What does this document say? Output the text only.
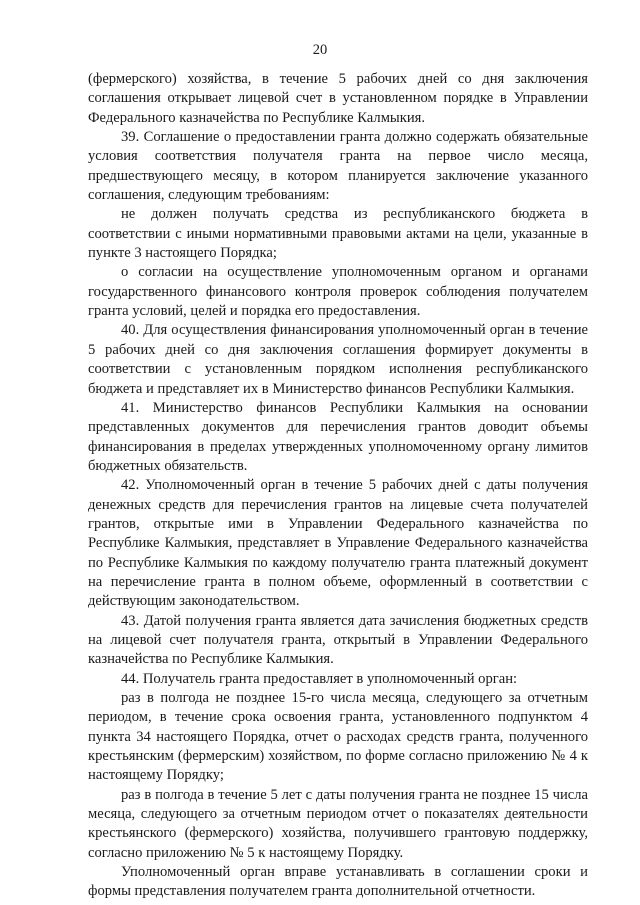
20

(фермерского) хозяйства, в течение 5 рабочих дней со дня заключения соглашения открывает лицевой счет в установленном порядке в Управлении Федерального казначейства по Республике Калмыкия.

39. Соглашение о предоставлении гранта должно содержать обязательные условия соответствия получателя гранта на первое число месяца, предшествующего месяцу, в котором планируется заключение указанного соглашения, следующим требованиям:

не должен получать средства из республиканского бюджета в соответствии с иными нормативными правовыми актами на цели, указанные в пункте 3 настоящего Порядка;

о согласии на осуществление уполномоченным органом и органами государственного финансового контроля проверок соблюдения получателем гранта условий, целей и порядка его предоставления.

40. Для осуществления финансирования уполномоченный орган в течение 5 рабочих дней со дня заключения соглашения формирует документы в соответствии с установленным порядком исполнения республиканского бюджета и представляет их в Министерство финансов Республики Калмыкия.

41. Министерство финансов Республики Калмыкия на основании представленных документов для перечисления грантов доводит объемы финансирования в пределах утвержденных уполномоченному органу лимитов бюджетных обязательств.

42. Уполномоченный орган в течение 5 рабочих дней с даты получения денежных средств для перечисления грантов на лицевые счета получателей грантов, открытые ими в Управлении Федерального казначейства по Республике Калмыкия, представляет в Управление Федерального казначейства по Республике Калмыкия по каждому получателю гранта платежный документ на перечисление гранта в полном объеме, оформленный в соответствии с действующим законодательством.

43. Датой получения гранта является дата зачисления бюджетных средств на лицевой счет получателя гранта, открытый в Управлении Федерального казначейства по Республике Калмыкия.

44. Получатель гранта предоставляет в уполномоченный орган:

раз в полгода не позднее 15-го числа месяца, следующего за отчетным периодом, в течение срока освоения гранта, установленного подпунктом 4 пункта 34 настоящего Порядка, отчет о расходах средств гранта, полученного крестьянским (фермерским) хозяйством, по форме согласно приложению № 4 к настоящему Порядку;

раз в полгода в течение 5 лет с даты получения гранта не позднее 15 числа месяца, следующего за отчетным периодом отчет о показателях деятельности крестьянского (фермерского) хозяйства, получившего грантовую поддержку, согласно приложению № 5 к настоящему Порядку.

Уполномоченный орган вправе устанавливать в соглашении сроки и формы представления получателем гранта дополнительной отчетности.
